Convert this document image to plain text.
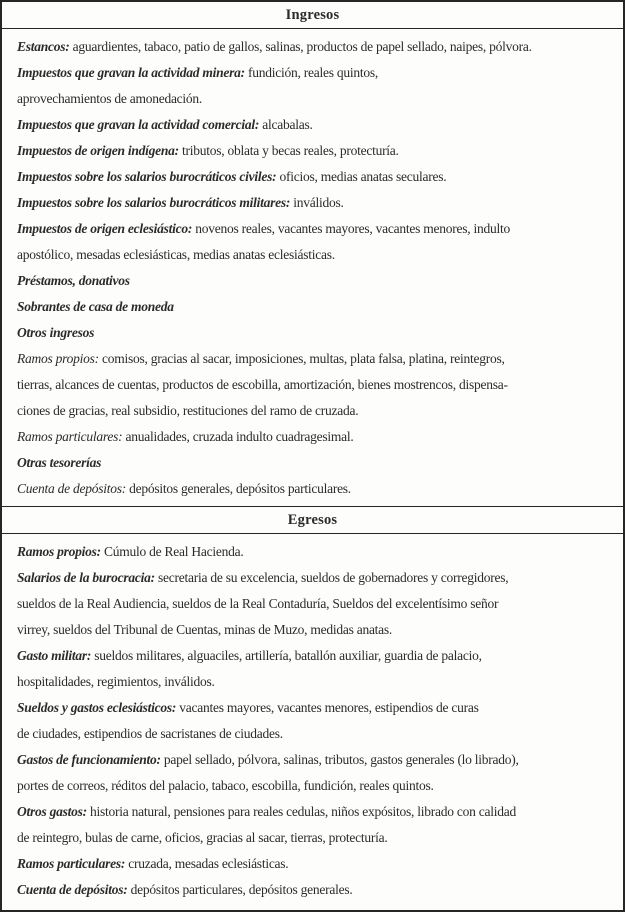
Ingresos

Estancos: aguardientes, tabaco, patio de gallos, salinas, productos de papel sellado, naipes, pólvora.

Impuestos que gravan la actividad minera: fundición, reales quintos,
aprovechamientos de amonedación.

Impuestos que gravan la actividad comercial: alcabalas.

Impuestos de origen indígena: tributos, oblata y becas reales, protecturía.

Impuestos sobre los salarios burocráticos civiles: oficios, medias anatas seculares.

Impuestos sobre los salarios burocráticos militares: inválidos.

Impuestos de origen eclesiástico: novenos reales, vacantes mayores, vacantes menores, indulto
apostólico, mesadas eclesiásticas, medias anatas eclesiásticas.

Préstamos, donativos

Sobrantes de casa de moneda

Otros ingresos

Ramos propios: comisos, gracias al sacar, imposiciones, multas, plata falsa, platina, reintegros,
tierras, alcances de cuentas, productos de escobilla, amortización, bienes mostrencos, dispensa-
ciones de gracias, real subsidio, restituciones del ramo de cruzada.

Ramos particulares: anualidades, cruzada indulto cuadragesimal.

Otras tesorerías

Cuenta de depósitos: depósitos generales, depósitos particulares.

Egresos

Ramos propios: Cúmulo de Real Hacienda.

Salarios de la burocracia: secretaria de su excelencia, sueldos de gobernadores y corregidores,
sueldos de la Real Audiencia, sueldos de la Real Contaduría, Sueldos del excelentísimo señor
virrey, sueldos del Tribunal de Cuentas, minas de Muzo, medidas anatas.

Gasto militar: sueldos militares, alguaciles, artillería, batallón auxiliar, guardia de palacio,
hospitalidades, regimientos, inválidos.

Sueldos y gastos eclesiásticos: vacantes mayores, vacantes menores, estipendios de curas
de ciudades, estipendios de sacristanes de ciudades.

Gastos de funcionamiento: papel sellado, pólvora, salinas, tributos, gastos generales (lo librado),
portes de correos, réditos del palacio, tabaco, escobilla, fundición, reales quintos.

Otros gastos: historia natural, pensiones para reales cedulas, niños expósitos, librado con calidad
de reintegro, bulas de carne, oficios, gracias al sacar, tierras, protecturía.

Ramos particulares: cruzada, mesadas eclesiásticas.

Cuenta de depósitos: depósitos particulares, depósitos generales.
